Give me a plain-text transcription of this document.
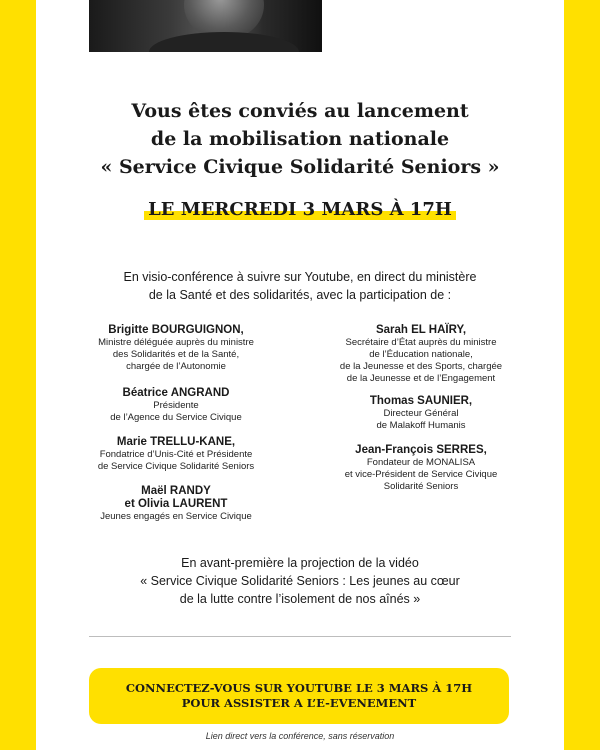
Vous êtes conviés au lancement
de la mobilisation nationale
« Service Civique Solidarité Seniors »
LE MERCREDI 3 MARS À 17H
En visio-conférence à suivre sur Youtube, en direct du ministère
de la Santé et des solidarités, avec la participation de :
Brigitte BOURGUIGNON,
Ministre déléguée auprès du ministre
des Solidarités et de la Santé,
chargée de l’Autonomie
Béatrice ANGRAND
Présidente
de l’Agence du Service Civique
Marie TRELLU-KANE,
Fondatrice d’Unis-Cité et Présidente
de Service Civique Solidarité Seniors
Maël RANDY
et Olivia LAURENT
Jeunes engagés en Service Civique
Sarah EL HAÏRY,
Secrétaire d’État auprès du ministre
de l’Éducation nationale,
de la Jeunesse et des Sports, chargée
de la Jeunesse et de l’Engagement
Thomas SAUNIER,
Directeur Général
de Malakoff Humanis
Jean-François SERRES,
Fondateur de MONALISA
et vice-Président de Service Civique
Solidarité Seniors
En avant-première la projection de la vidéo
« Service Civique Solidarité Seniors : Les jeunes au cœur
de la lutte contre l’isolement de nos aînés »
CONNECTEZ-VOUS SUR YOUTUBE LE 3 MARS À 17H
POUR ASSISTER A L’E-EVENEMENT
Lien direct vers la conférence, sans réservation
